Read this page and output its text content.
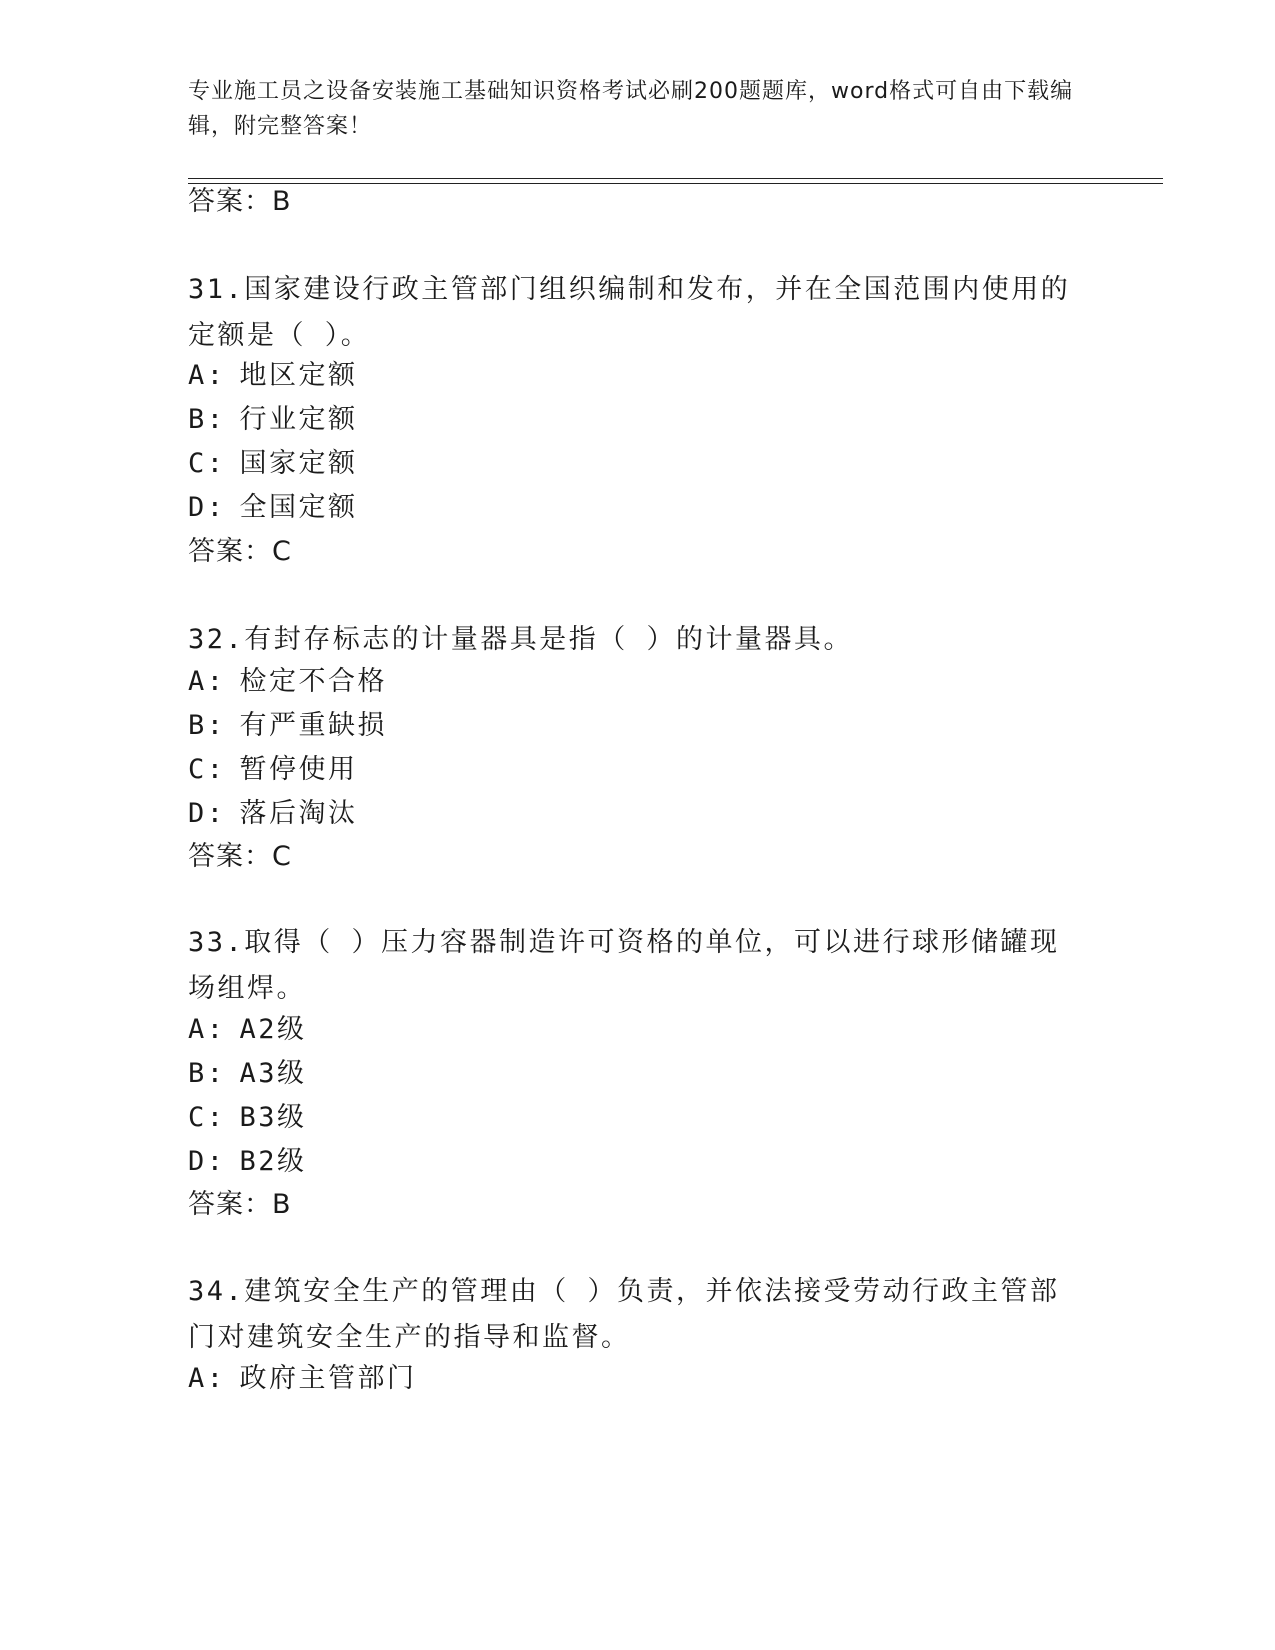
专业施工员之设备安装施工基础知识资格考试必刷200题题库，word格式可自由下载编辑，附完整答案！
答案：B
31.国家建设行政主管部门组织编制和发布，并在全国范围内使用的定额是（ ）。
A: 地区定额
B: 行业定额
C: 国家定额
D: 全国定额
答案：C
32.有封存标志的计量器具是指（ ）的计量器具。
A: 检定不合格
B: 有严重缺损
C: 暂停使用
D: 落后淘汰
答案：C
33.取得（ ）压力容器制造许可资格的单位，可以进行球形储罐现场组焊。
A: A2级
B: A3级
C: B3级
D: B2级
答案：B
34.建筑安全生产的管理由（ ）负责，并依法接受劳动行政主管部门对建筑安全生产的指导和监督。
A: 政府主管部门
